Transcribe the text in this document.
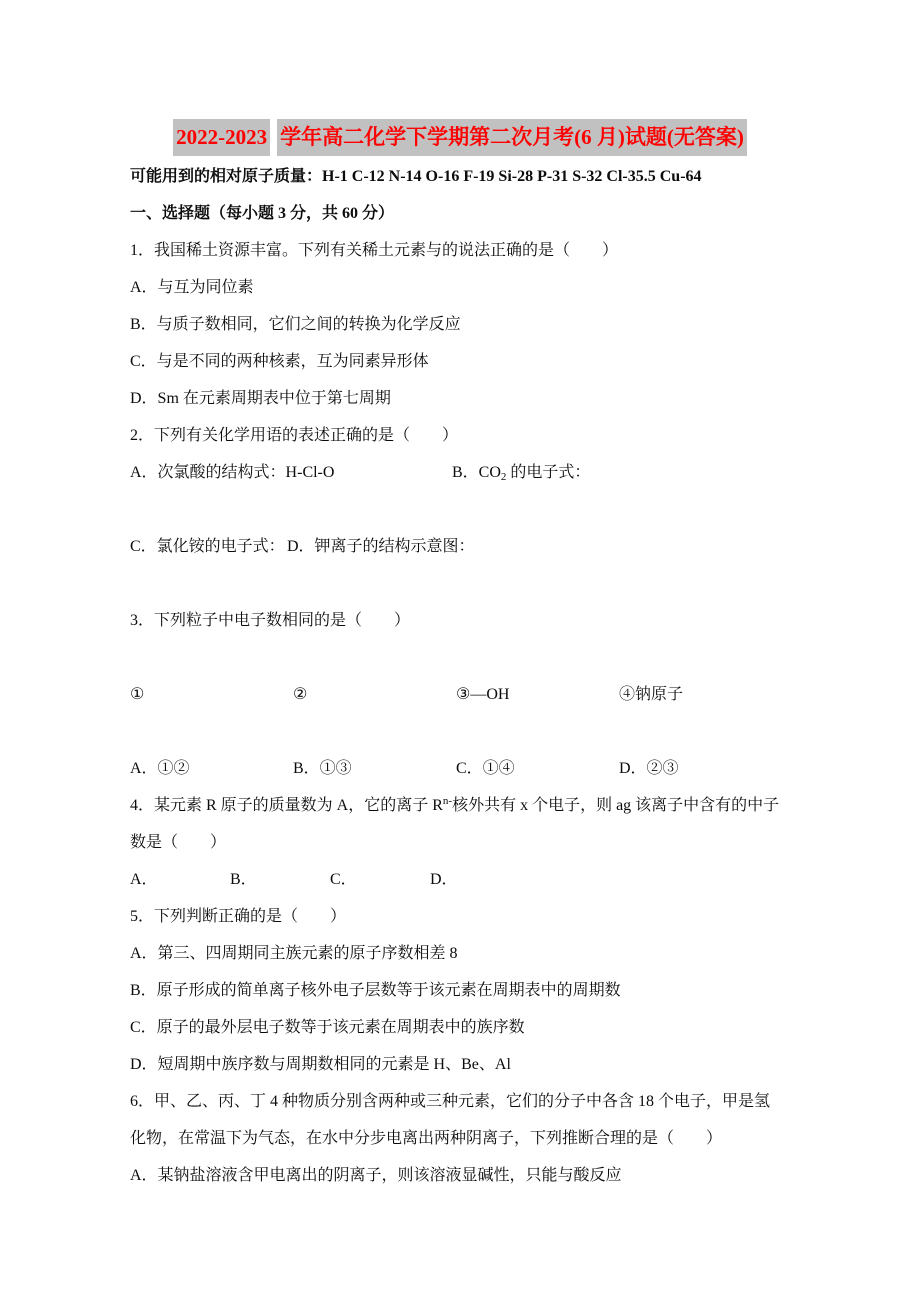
2022-2023 学年高二化学下学期第二次月考(6 月)试题(无答案)
可能用到的相对原子质量：H-1 C-12 N-14 O-16 F-19 Si-28 P-31 S-32 Cl-35.5 Cu-64
一、选择题（每小题 3 分，共 60 分）
1．我国稀土资源丰富。下列有关稀土元素与的说法正确的是（　　）
A．与互为同位素
B．与质子数相同，它们之间的转换为化学反应
C．与是不同的两种核素，互为同素异形体
D．Sm 在元素周期表中位于第七周期
2．下列有关化学用语的表述正确的是（　　）
A．次氯酸的结构式：H-Cl-O	B．$CO_2$ 的电子式：
C．氯化铵的电子式： D．钾离子的结构示意图：
3．下列粒子中电子数相同的是（　　）
①	②	③—OH	④钠原子
A．①②	B．①③	C．①④	D．②③
4．某元素 R 原子的质量数为 A，它的离子 $R^{n-}$核外共有 x 个电子，则 ag 该离子中含有的中子
数是（　　）
A．	B．	C．	D．
5．下列判断正确的是（　　）
A．第三、四周期同主族元素的原子序数相差 8
B．原子形成的简单离子核外电子层数等于该元素在周期表中的周期数
C．原子的最外层电子数等于该元素在周期表中的族序数
D．短周期中族序数与周期数相同的元素是 H、Be、Al
6．甲、乙、丙、丁 4 种物质分别含两种或三种元素，它们的分子中各含 18 个电子，甲是氢
化物，在常温下为气态，在水中分步电离出两种阴离子，下列推断合理的是（　　）
A．某钠盐溶液含甲电离出的阴离子，则该溶液显碱性，只能与酸反应
